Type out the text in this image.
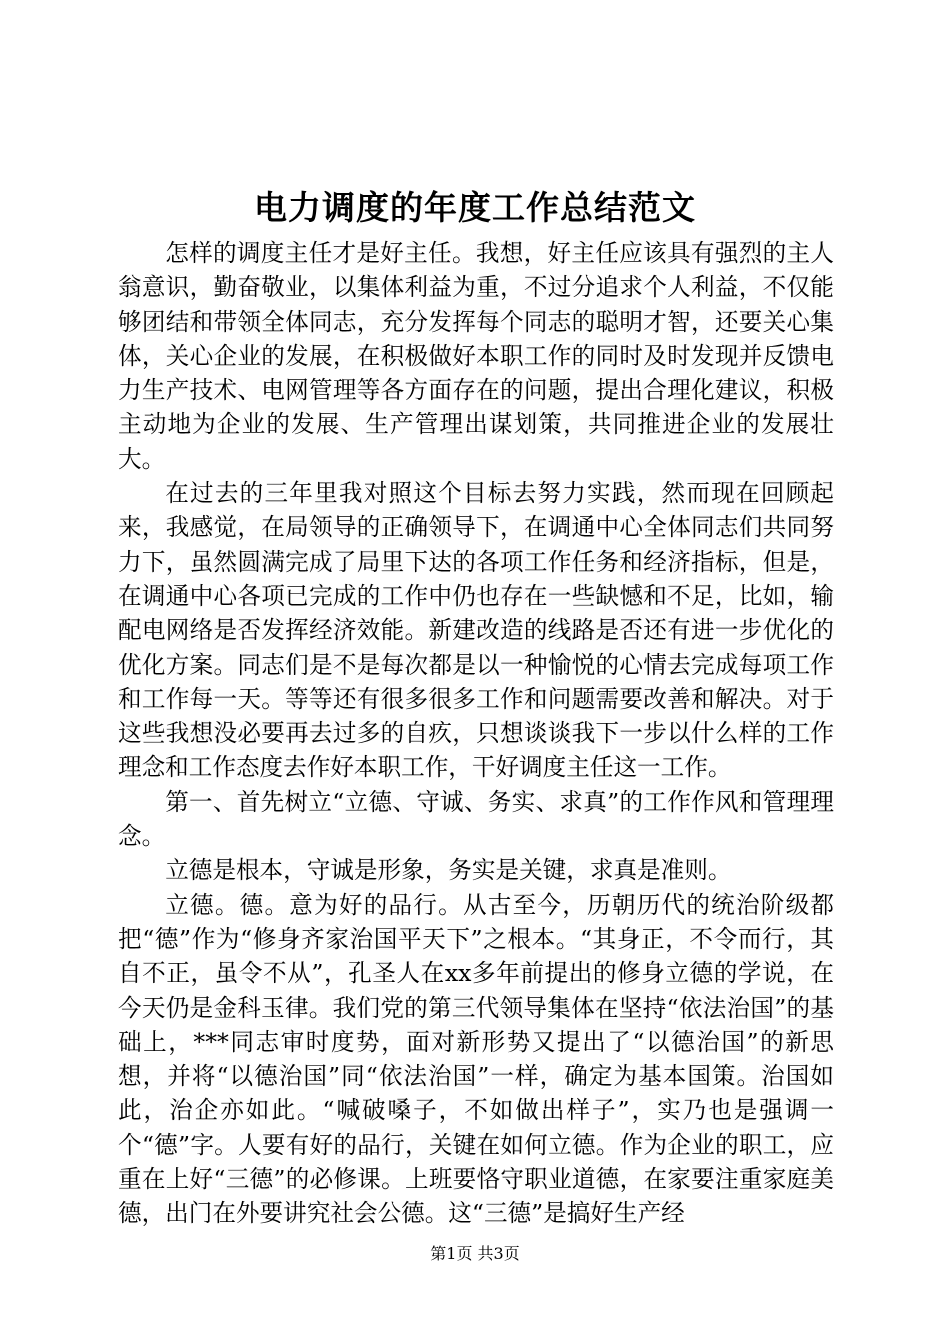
电力调度的年度工作总结范文

怎样的调度主任才是好主任。我想，好主任应该具有强烈的主人翁意识，勤奋敬业，以集体利益为重，不过分追求个人利益，不仅能够团结和带领全体同志，充分发挥每个同志的聪明才智，还要关心集体，关心企业的发展，在积极做好本职工作的同时及时发现并反馈电力生产技术、电网管理等各方面存在的问题，提出合理化建议，积极主动地为企业的发展、生产管理出谋划策，共同推进企业的发展壮大。

在过去的三年里我对照这个目标去努力实践，然而现在回顾起来，我感觉，在局领导的正确领导下，在调通中心全体同志们共同努力下，虽然圆满完成了局里下达的各项工作任务和经济指标，但是，在调通中心各项已完成的工作中仍也存在一些缺憾和不足，比如，输配电网络是否发挥经济效能。新建改造的线路是否还有进一步优化的优化方案。同志们是不是每次都是以一种愉悦的心情去完成每项工作和工作每一天。等等还有很多很多工作和问题需要改善和解决。对于这些我想没必要再去过多的自疚，只想谈谈我下一步以什么样的工作理念和工作态度去作好本职工作，干好调度主任这一工作。

第一、首先树立“立德、守诚、务实、求真”的工作作风和管理理念。

立德是根本，守诚是形象，务实是关键，求真是准则。

立德。德。意为好的品行。从古至今，历朝历代的统治阶级都把“德”作为“修身齐家治国平天下”之根本。“其身正，不令而行，其自不正，虽令不从”，孔圣人在xx多年前提出的修身立德的学说，在今天仍是金科玉律。我们党的第三代领导集体在坚持“依法治国”的基础上，***同志审时度势，面对新形势又提出了“以德治国”的新思想，并将“以德治国”同“依法治国”一样，确定为基本国策。治国如此，治企亦如此。“喊破嗓子，不如做出样子”，实乃也是强调一个“德”字。人要有好的品行，关键在如何立德。作为企业的职工，应重在上好“三德”的必修课。上班要恪守职业道德，在家要注重家庭美德，出门在外要讲究社会公德。这“三德”是搞好生产经

第1页 共3页
